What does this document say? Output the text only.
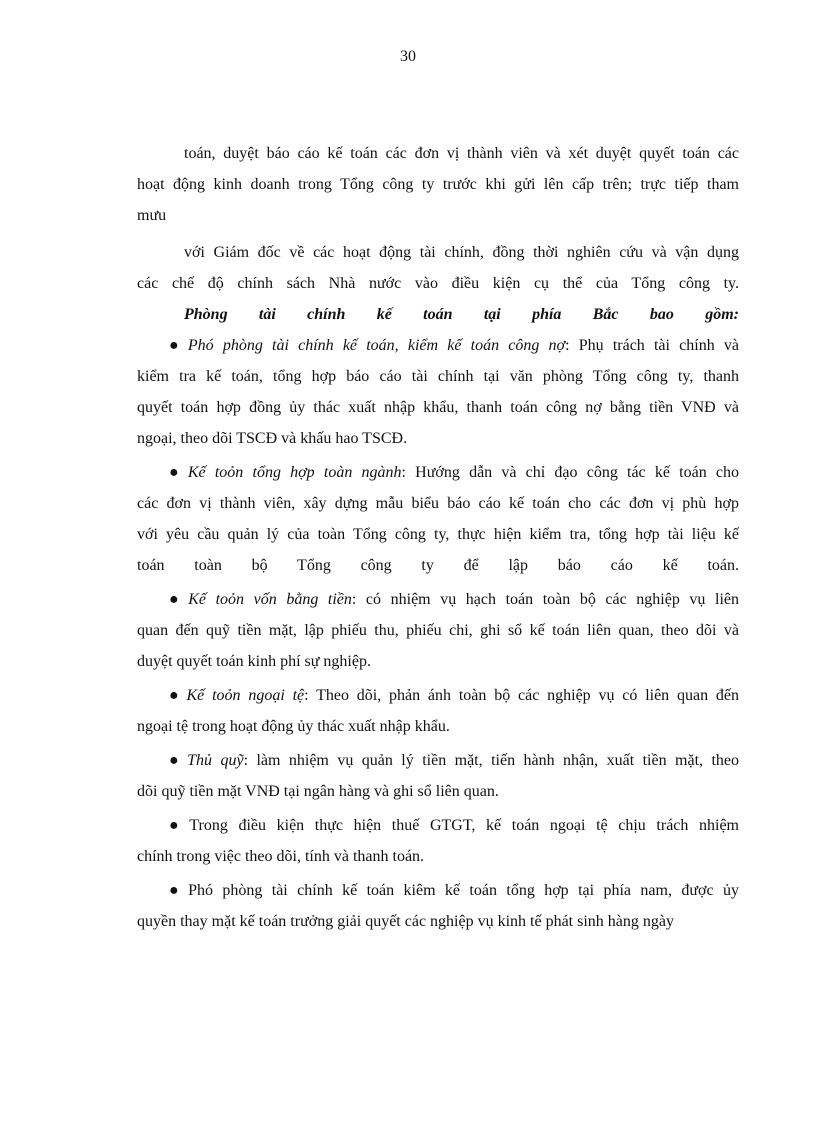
30
toán, duyệt báo cáo kế toán các đơn vị thành viên và xét duyệt quyết toán các
hoạt động kinh doanh trong Tổng công ty trước khi gửi lên cấp trên; trực tiếp tham
mưu
với Giám đốc về các hoạt động tài chính, đồng thời nghiên cứu và vận dụng
các chế độ chính sách Nhà nước vào điều kiện cụ thể của Tổng công ty.
Phòng tài chính kế toán tại phía Bắc bao gồm:
● Phó phòng tài chính kế toán, kiểm kế toán công nợ: Phụ trách tài chính và
kiểm tra kế toán, tổng hợp báo cáo tài chính tại văn phòng Tổng công ty, thanh
quyết toán hợp đồng ủy thác xuất nhập khẩu, thanh toán công nợ bằng tiền VNĐ và
ngoại, theo dõi TSCĐ và khấu hao TSCĐ.
● Kế toỏn tổng hợp toàn ngành: Hướng dẫn và chỉ đạo công tác kế toán cho
các đơn vị thành viên, xây dựng mẫu biểu báo cáo kế toán cho các đơn vị phù hợp
với yêu cầu quản lý của toàn Tổng công ty, thực hiện kiểm tra, tổng hợp tài liệu kế
toán toàn bộ Tổng công ty để lập báo cáo kế toán.
● Kế toỏn vốn bằng tiền: có nhiệm vụ hạch toán toàn bộ các nghiệp vụ liên
quan đến quỹ tiền mặt, lập phiếu thu, phiếu chi, ghi sổ kế toán liên quan, theo dõi và
duyệt quyết toán kinh phí sự nghiệp.
● Kế toỏn ngoại tệ: Theo dõi, phản ánh toàn bộ các nghiệp vụ có liên quan đến
ngoại tệ trong hoạt động ủy thác xuất nhập khẩu.
● Thủ quỹ: làm nhiệm vụ quản lý tiền mặt, tiến hành nhận, xuất tiền mặt, theo
dõi quỹ tiền mặt VNĐ tại ngân hàng và ghi sổ liên quan.
● Trong điều kiện thực hiện thuế GTGT, kế toán ngoại tệ chịu trách nhiệm
chính trong việc theo dõi, tính và thanh toán.
● Phó phòng tài chính kế toán kiêm kế toán tổng hợp tại phía nam, được ủy
quyền thay mặt kế toán trưởng giải quyết các nghiệp vụ kinh tế phát sinh hàng ngày
